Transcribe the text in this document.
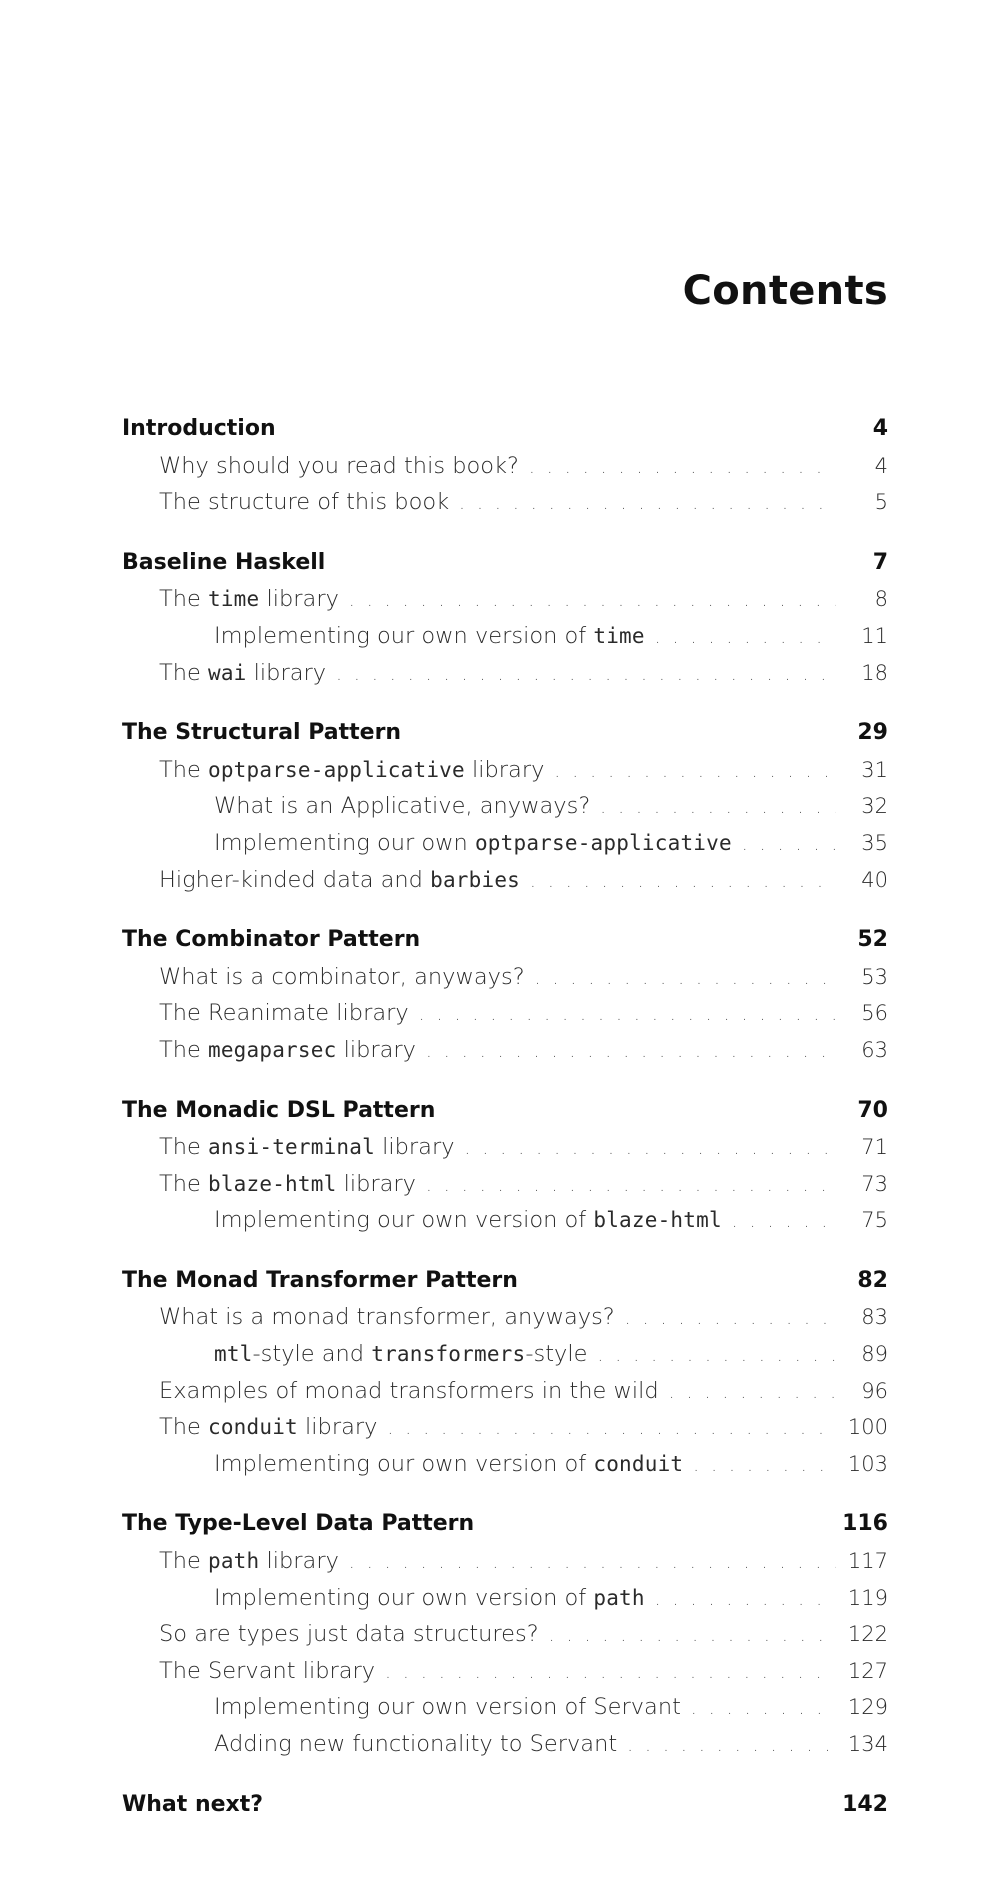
Contents
Introduction	4
Why should you read this book? . . .	4
The structure of this book . . .	5
Baseline Haskell	7
The time library . . .	8
Implementing our own version of time . . .	11
The wai library . . .	18
The Structural Pattern	29
The optparse-applicative library . . .	31
What is an Applicative, anyways? . . .	32
Implementing our own optparse-applicative . . .	35
Higher-kinded data and barbies . . .	40
The Combinator Pattern	52
What is a combinator, anyways? . . .	53
The Reanimate library . . .	56
The megaparsec library . . .	63
The Monadic DSL Pattern	70
The ansi-terminal library . . .	71
The blaze-html library . . .	73
Implementing our own version of blaze-html . . .	75
The Monad Transformer Pattern	82
What is a monad transformer, anyways? . . .	83
mtl-style and transformers-style . . .	89
Examples of monad transformers in the wild . . .	96
The conduit library . . .	100
Implementing our own version of conduit . . .	103
The Type-Level Data Pattern	116
The path library . . .	117
Implementing our own version of path . . .	119
So are types just data structures? . . .	122
The Servant library . . .	127
Implementing our own version of Servant . . .	129
Adding new functionality to Servant . . .	134
What next?	142
